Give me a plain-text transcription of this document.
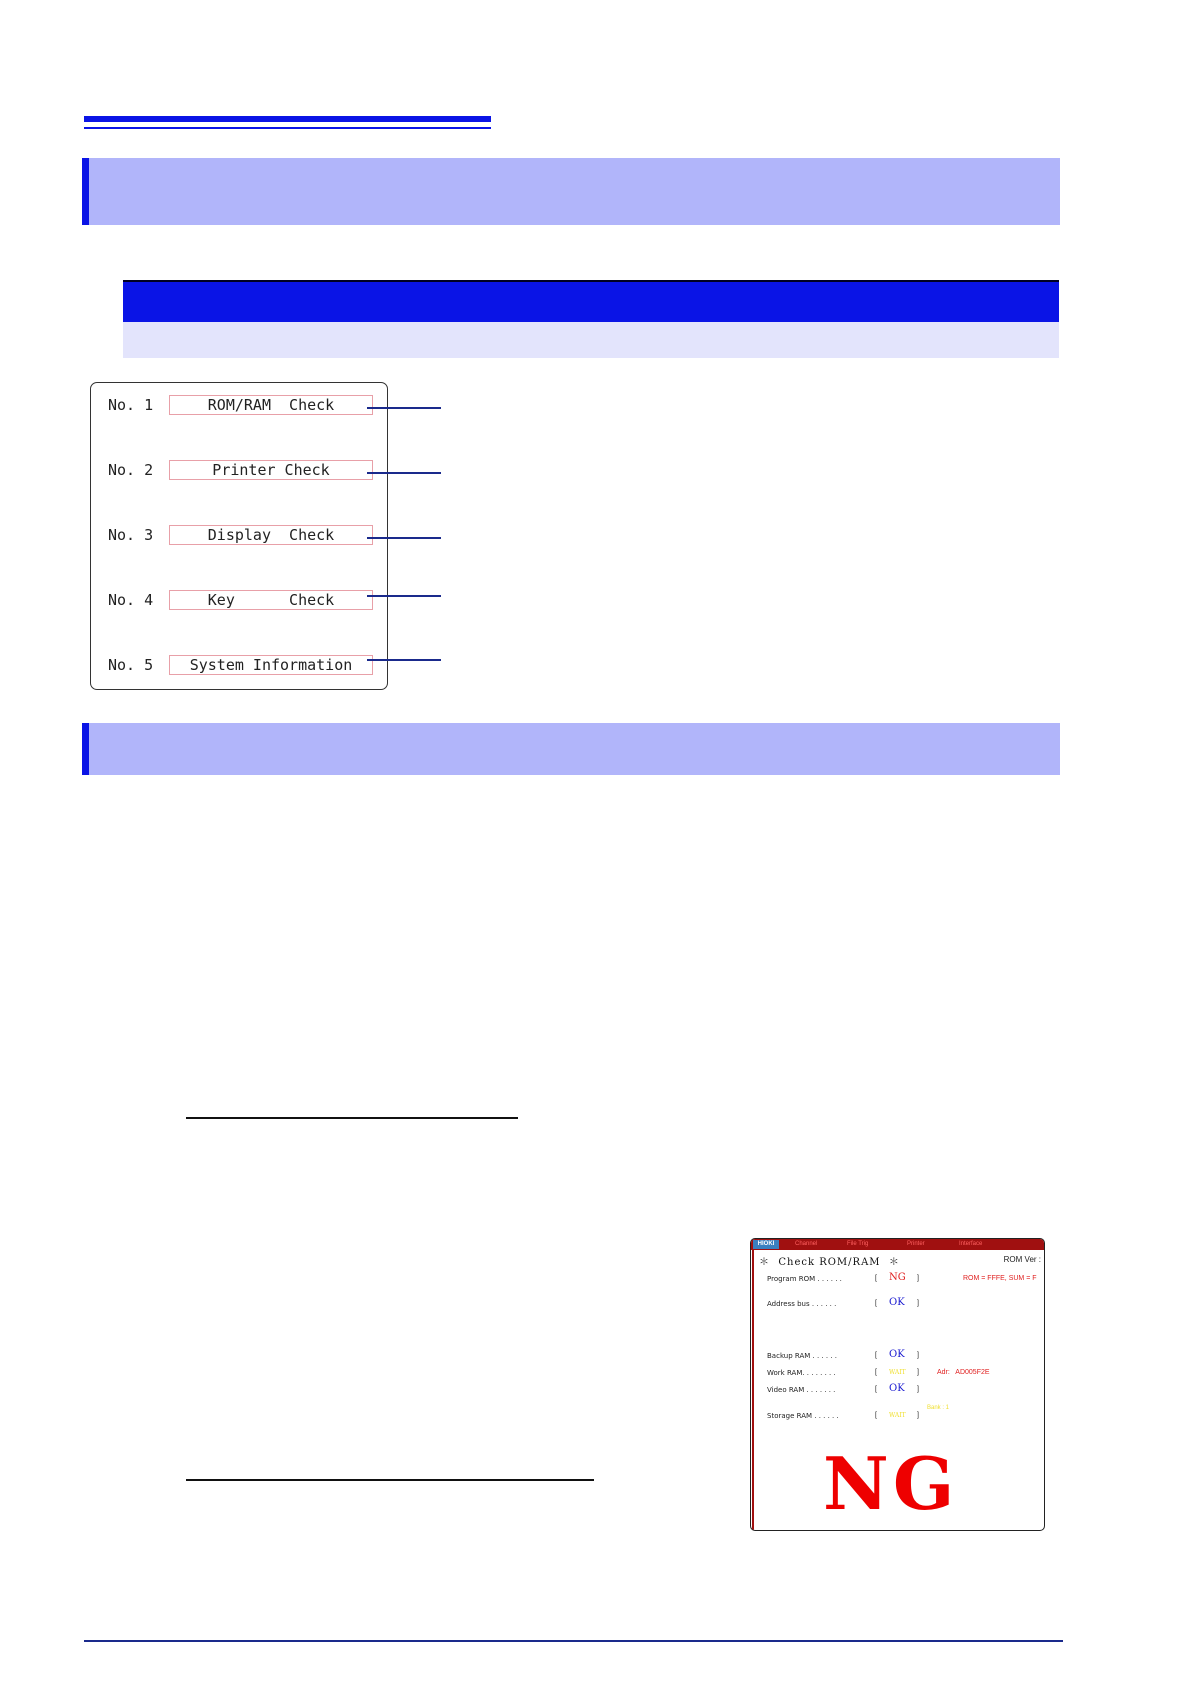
No. 1	ROM/RAM  Check
No. 2	Printer Check
No. 3	Display  Check
No. 4	Key      Check
No. 5	System Information
HIOKI	Channel	File Trig	Printer	Interface
＊  Check ROM/RAM  ＊	ROM Ver :
Program ROM . . . . . .	[ NG ]	ROM = FFFE, SUM = F
Address bus . . . . . .	[ OK ]
Backup RAM . . . . . .	[ OK ]
Work RAM. . . . . . . .	[ WAIT ]	Adr:   AD005F2E
Video RAM . . . . . . .	[ OK ]
Bank : 1
Storage RAM . . . . . .	[ WAIT ]
NG
